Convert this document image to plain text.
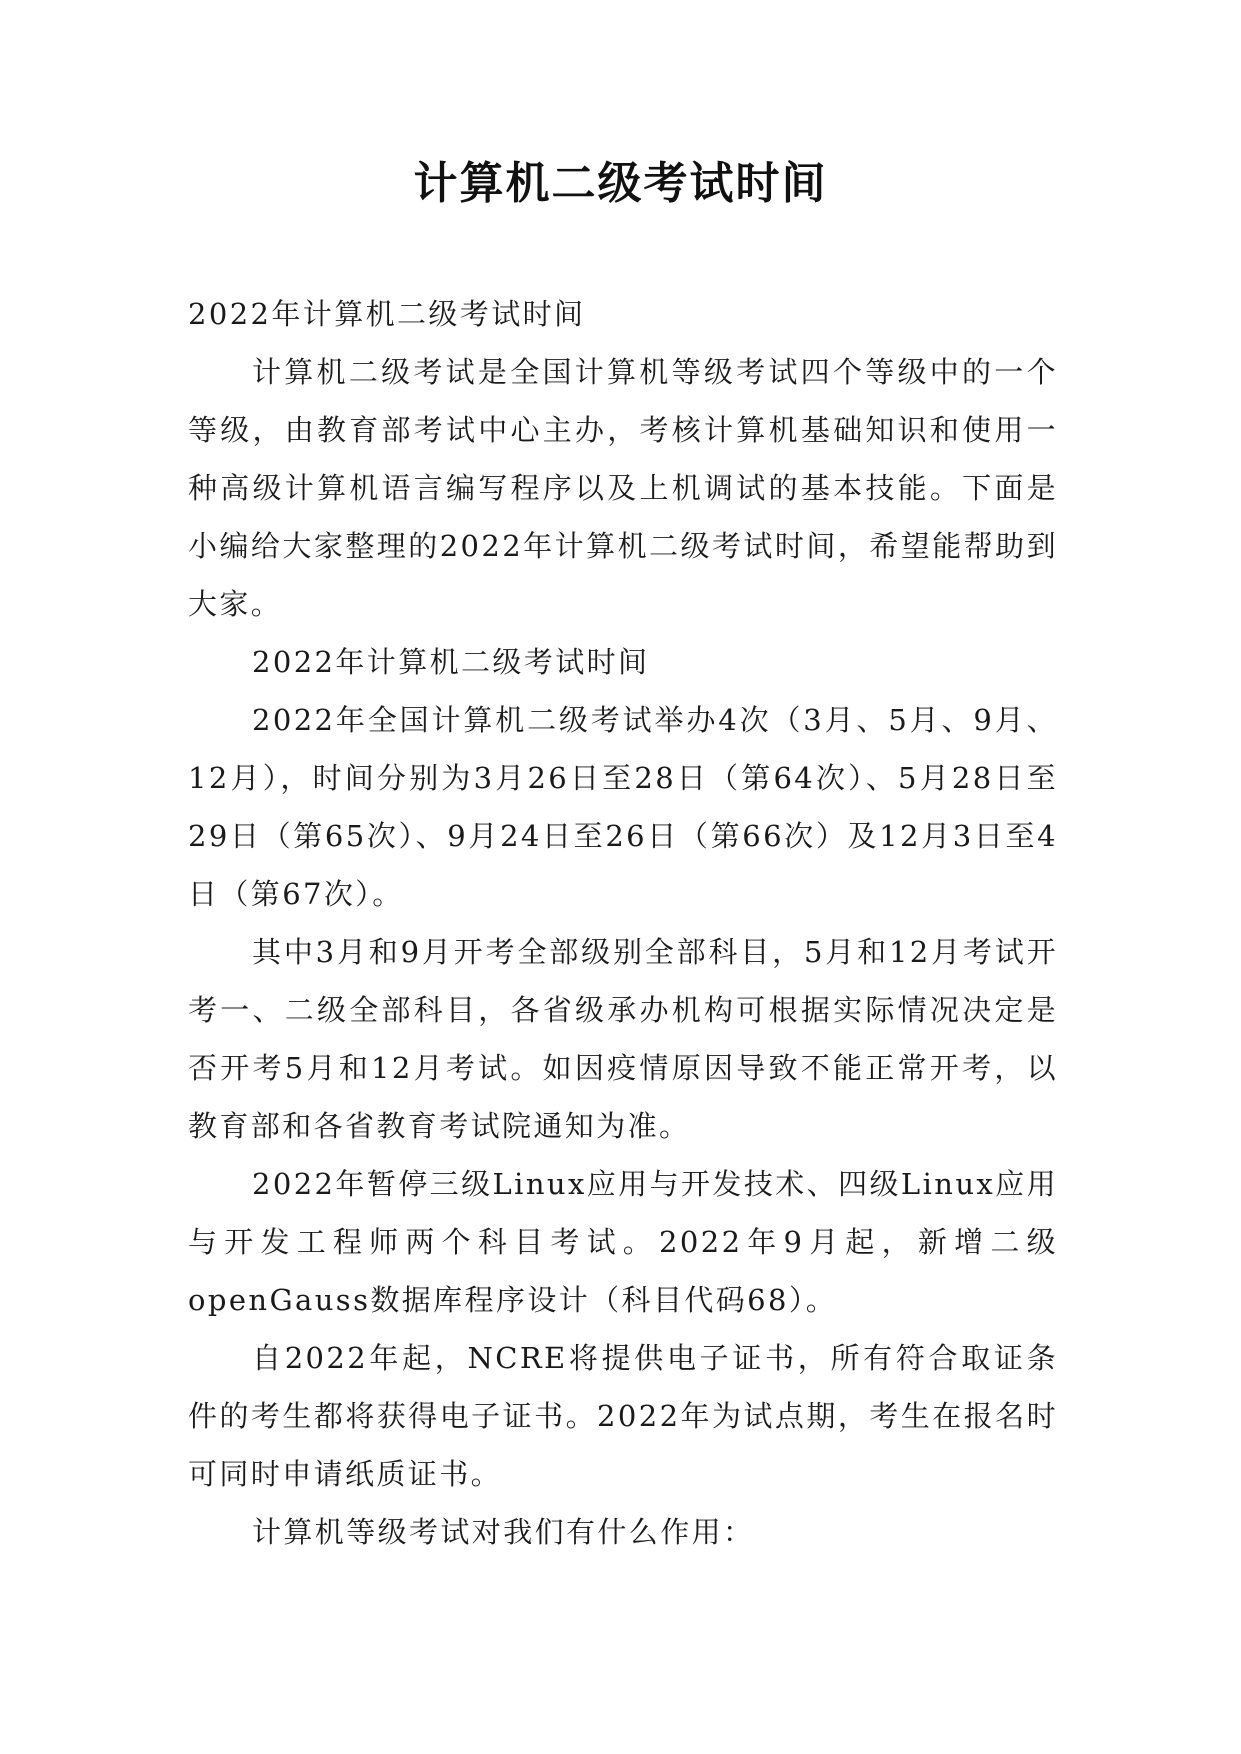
计算机二级考试时间

2022年计算机二级考试时间

计算机二级考试是全国计算机等级考试四个等级中的一个等级，由教育部考试中心主办，考核计算机基础知识和使用一种高级计算机语言编写程序以及上机调试的基本技能。下面是小编给大家整理的2022年计算机二级考试时间，希望能帮助到大家。

2022年计算机二级考试时间

2022年全国计算机二级考试举办4次（3月、5月、9月、12月），时间分别为3月26日至28日（第64次）、5月28日至29日（第65次）、9月24日至26日（第66次）及12月3日至4日（第67次）。

其中3月和9月开考全部级别全部科目，5月和12月考试开考一、二级全部科目，各省级承办机构可根据实际情况决定是否开考5月和12月考试。如因疫情原因导致不能正常开考，以教育部和各省教育考试院通知为准。

2022年暂停三级Linux应用与开发技术、四级Linux应用与开发工程师两个科目考试。2022年9月起，新增二级openGauss数据库程序设计（科目代码68）。

自2022年起，NCRE将提供电子证书，所有符合取证条件的考生都将获得电子证书。2022年为试点期，考生在报名时可同时申请纸质证书。

计算机等级考试对我们有什么作用：
